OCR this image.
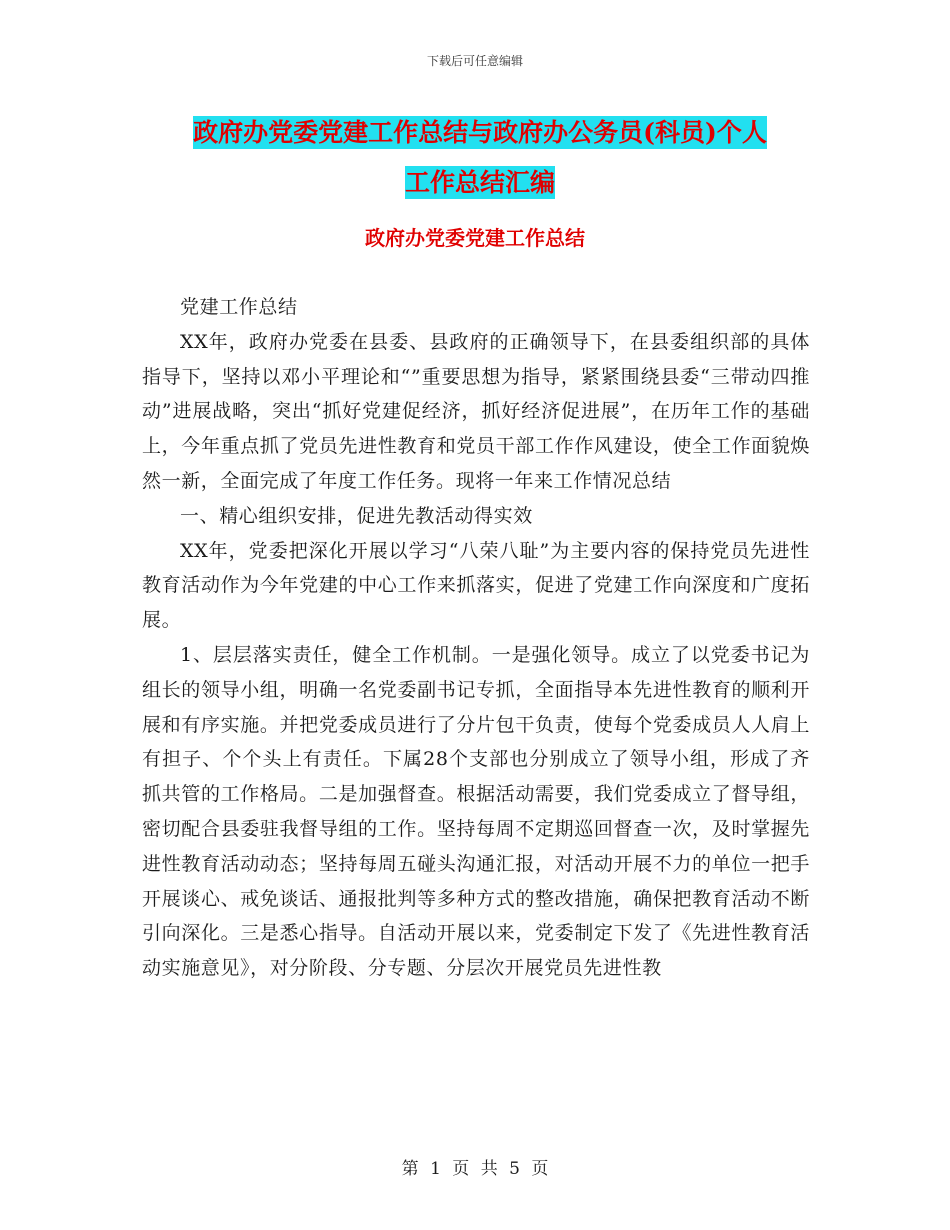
下载后可任意编辑
政府办党委党建工作总结与政府办公务员(科员)个人
工作总结汇编
政府办党委党建工作总结

党建工作总结

XX年，政府办党委在县委、县政府的正确领导下，在县委组织部的具体指导下，坚持以邓小平理论和“”重要思想为指导，紧紧围绕县委“三带动四推动”进展战略，突出“抓好党建促经济，抓好经济促进展”，在历年工作的基础上，今年重点抓了党员先进性教育和党员干部工作作风建设，使全工作面貌焕然一新，全面完成了年度工作任务。现将一年来工作情况总结

一、精心组织安排，促进先教活动得实效

XX年，党委把深化开展以学习“八荣八耻”为主要内容的保持党员先进性教育活动作为今年党建的中心工作来抓落实，促进了党建工作向深度和广度拓展。

1、层层落实责任，健全工作机制。一是强化领导。成立了以党委书记为组长的领导小组，明确一名党委副书记专抓，全面指导本先进性教育的顺利开展和有序实施。并把党委成员进行了分片包干负责，使每个党委成员人人肩上有担子、个个头上有责任。下属28个支部也分别成立了领导小组，形成了齐抓共管的工作格局。二是加强督查。根据活动需要，我们党委成立了督导组，密切配合县委驻我督导组的工作。坚持每周不定期巡回督查一次，及时掌握先进性教育活动动态；坚持每周五碰头沟通汇报，对活动开展不力的单位一把手开展谈心、戒免谈话、通报批判等多种方式的整改措施，确保把教育活动不断引向深化。三是悉心指导。自活动开展以来，党委制定下发了《先进性教育活动实施意见》，对分阶段、分专题、分层次开展党员先进性教

第 1 页 共 5 页
